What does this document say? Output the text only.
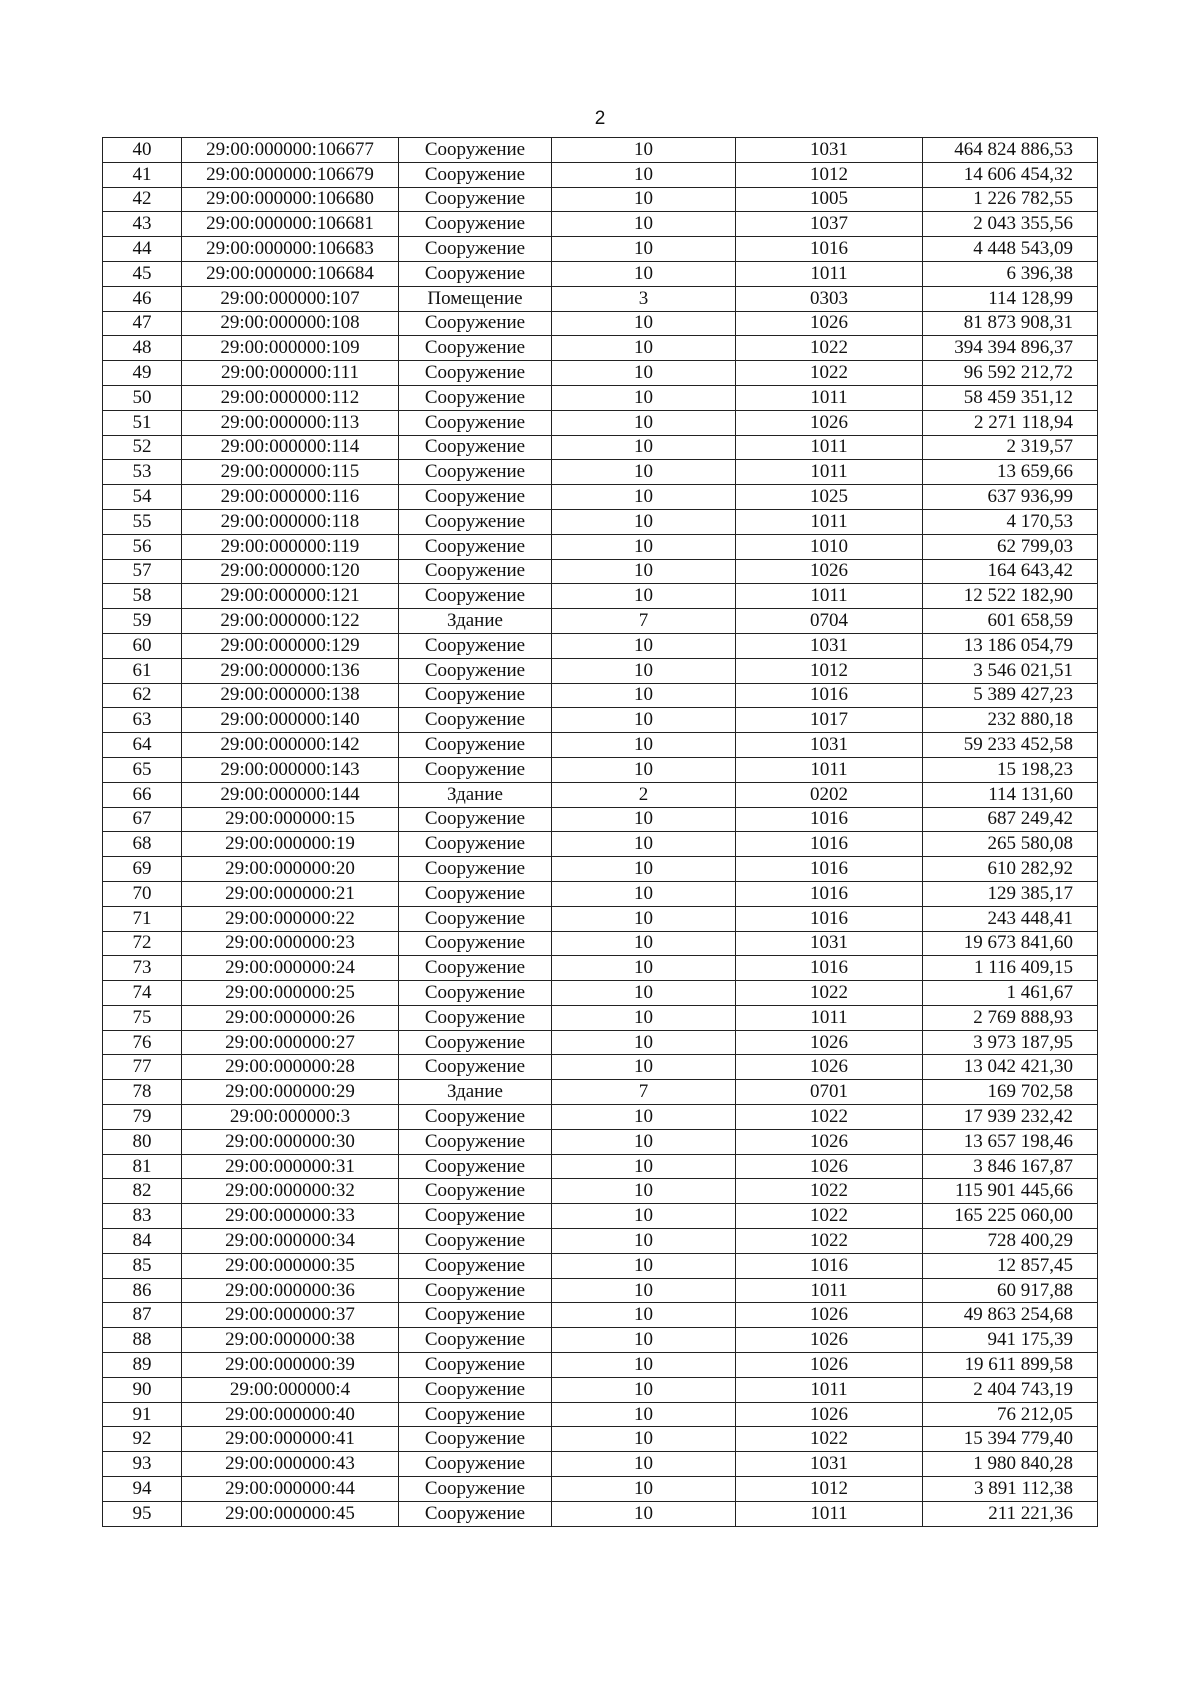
2
40	29:00:000000:106677	Сооружение	10	1031	464 824 886,53
41	29:00:000000:106679	Сооружение	10	1012	14 606 454,32
42	29:00:000000:106680	Сооружение	10	1005	1 226 782,55
43	29:00:000000:106681	Сооружение	10	1037	2 043 355,56
44	29:00:000000:106683	Сооружение	10	1016	4 448 543,09
45	29:00:000000:106684	Сооружение	10	1011	6 396,38
46	29:00:000000:107	Помещение	3	0303	114 128,99
47	29:00:000000:108	Сооружение	10	1026	81 873 908,31
48	29:00:000000:109	Сооружение	10	1022	394 394 896,37
49	29:00:000000:111	Сооружение	10	1022	96 592 212,72
50	29:00:000000:112	Сооружение	10	1011	58 459 351,12
51	29:00:000000:113	Сооружение	10	1026	2 271 118,94
52	29:00:000000:114	Сооружение	10	1011	2 319,57
53	29:00:000000:115	Сооружение	10	1011	13 659,66
54	29:00:000000:116	Сооружение	10	1025	637 936,99
55	29:00:000000:118	Сооружение	10	1011	4 170,53
56	29:00:000000:119	Сооружение	10	1010	62 799,03
57	29:00:000000:120	Сооружение	10	1026	164 643,42
58	29:00:000000:121	Сооружение	10	1011	12 522 182,90
59	29:00:000000:122	Здание	7	0704	601 658,59
60	29:00:000000:129	Сооружение	10	1031	13 186 054,79
61	29:00:000000:136	Сооружение	10	1012	3 546 021,51
62	29:00:000000:138	Сооружение	10	1016	5 389 427,23
63	29:00:000000:140	Сооружение	10	1017	232 880,18
64	29:00:000000:142	Сооружение	10	1031	59 233 452,58
65	29:00:000000:143	Сооружение	10	1011	15 198,23
66	29:00:000000:144	Здание	2	0202	114 131,60
67	29:00:000000:15	Сооружение	10	1016	687 249,42
68	29:00:000000:19	Сооружение	10	1016	265 580,08
69	29:00:000000:20	Сооружение	10	1016	610 282,92
70	29:00:000000:21	Сооружение	10	1016	129 385,17
71	29:00:000000:22	Сооружение	10	1016	243 448,41
72	29:00:000000:23	Сооружение	10	1031	19 673 841,60
73	29:00:000000:24	Сооружение	10	1016	1 116 409,15
74	29:00:000000:25	Сооружение	10	1022	1 461,67
75	29:00:000000:26	Сооружение	10	1011	2 769 888,93
76	29:00:000000:27	Сооружение	10	1026	3 973 187,95
77	29:00:000000:28	Сооружение	10	1026	13 042 421,30
78	29:00:000000:29	Здание	7	0701	169 702,58
79	29:00:000000:3	Сооружение	10	1022	17 939 232,42
80	29:00:000000:30	Сооружение	10	1026	13 657 198,46
81	29:00:000000:31	Сооружение	10	1026	3 846 167,87
82	29:00:000000:32	Сооружение	10	1022	115 901 445,66
83	29:00:000000:33	Сооружение	10	1022	165 225 060,00
84	29:00:000000:34	Сооружение	10	1022	728 400,29
85	29:00:000000:35	Сооружение	10	1016	12 857,45
86	29:00:000000:36	Сооружение	10	1011	60 917,88
87	29:00:000000:37	Сооружение	10	1026	49 863 254,68
88	29:00:000000:38	Сооружение	10	1026	941 175,39
89	29:00:000000:39	Сооружение	10	1026	19 611 899,58
90	29:00:000000:4	Сооружение	10	1011	2 404 743,19
91	29:00:000000:40	Сооружение	10	1026	76 212,05
92	29:00:000000:41	Сооружение	10	1022	15 394 779,40
93	29:00:000000:43	Сооружение	10	1031	1 980 840,28
94	29:00:000000:44	Сооружение	10	1012	3 891 112,38
95	29:00:000000:45	Сооружение	10	1011	211 221,36
